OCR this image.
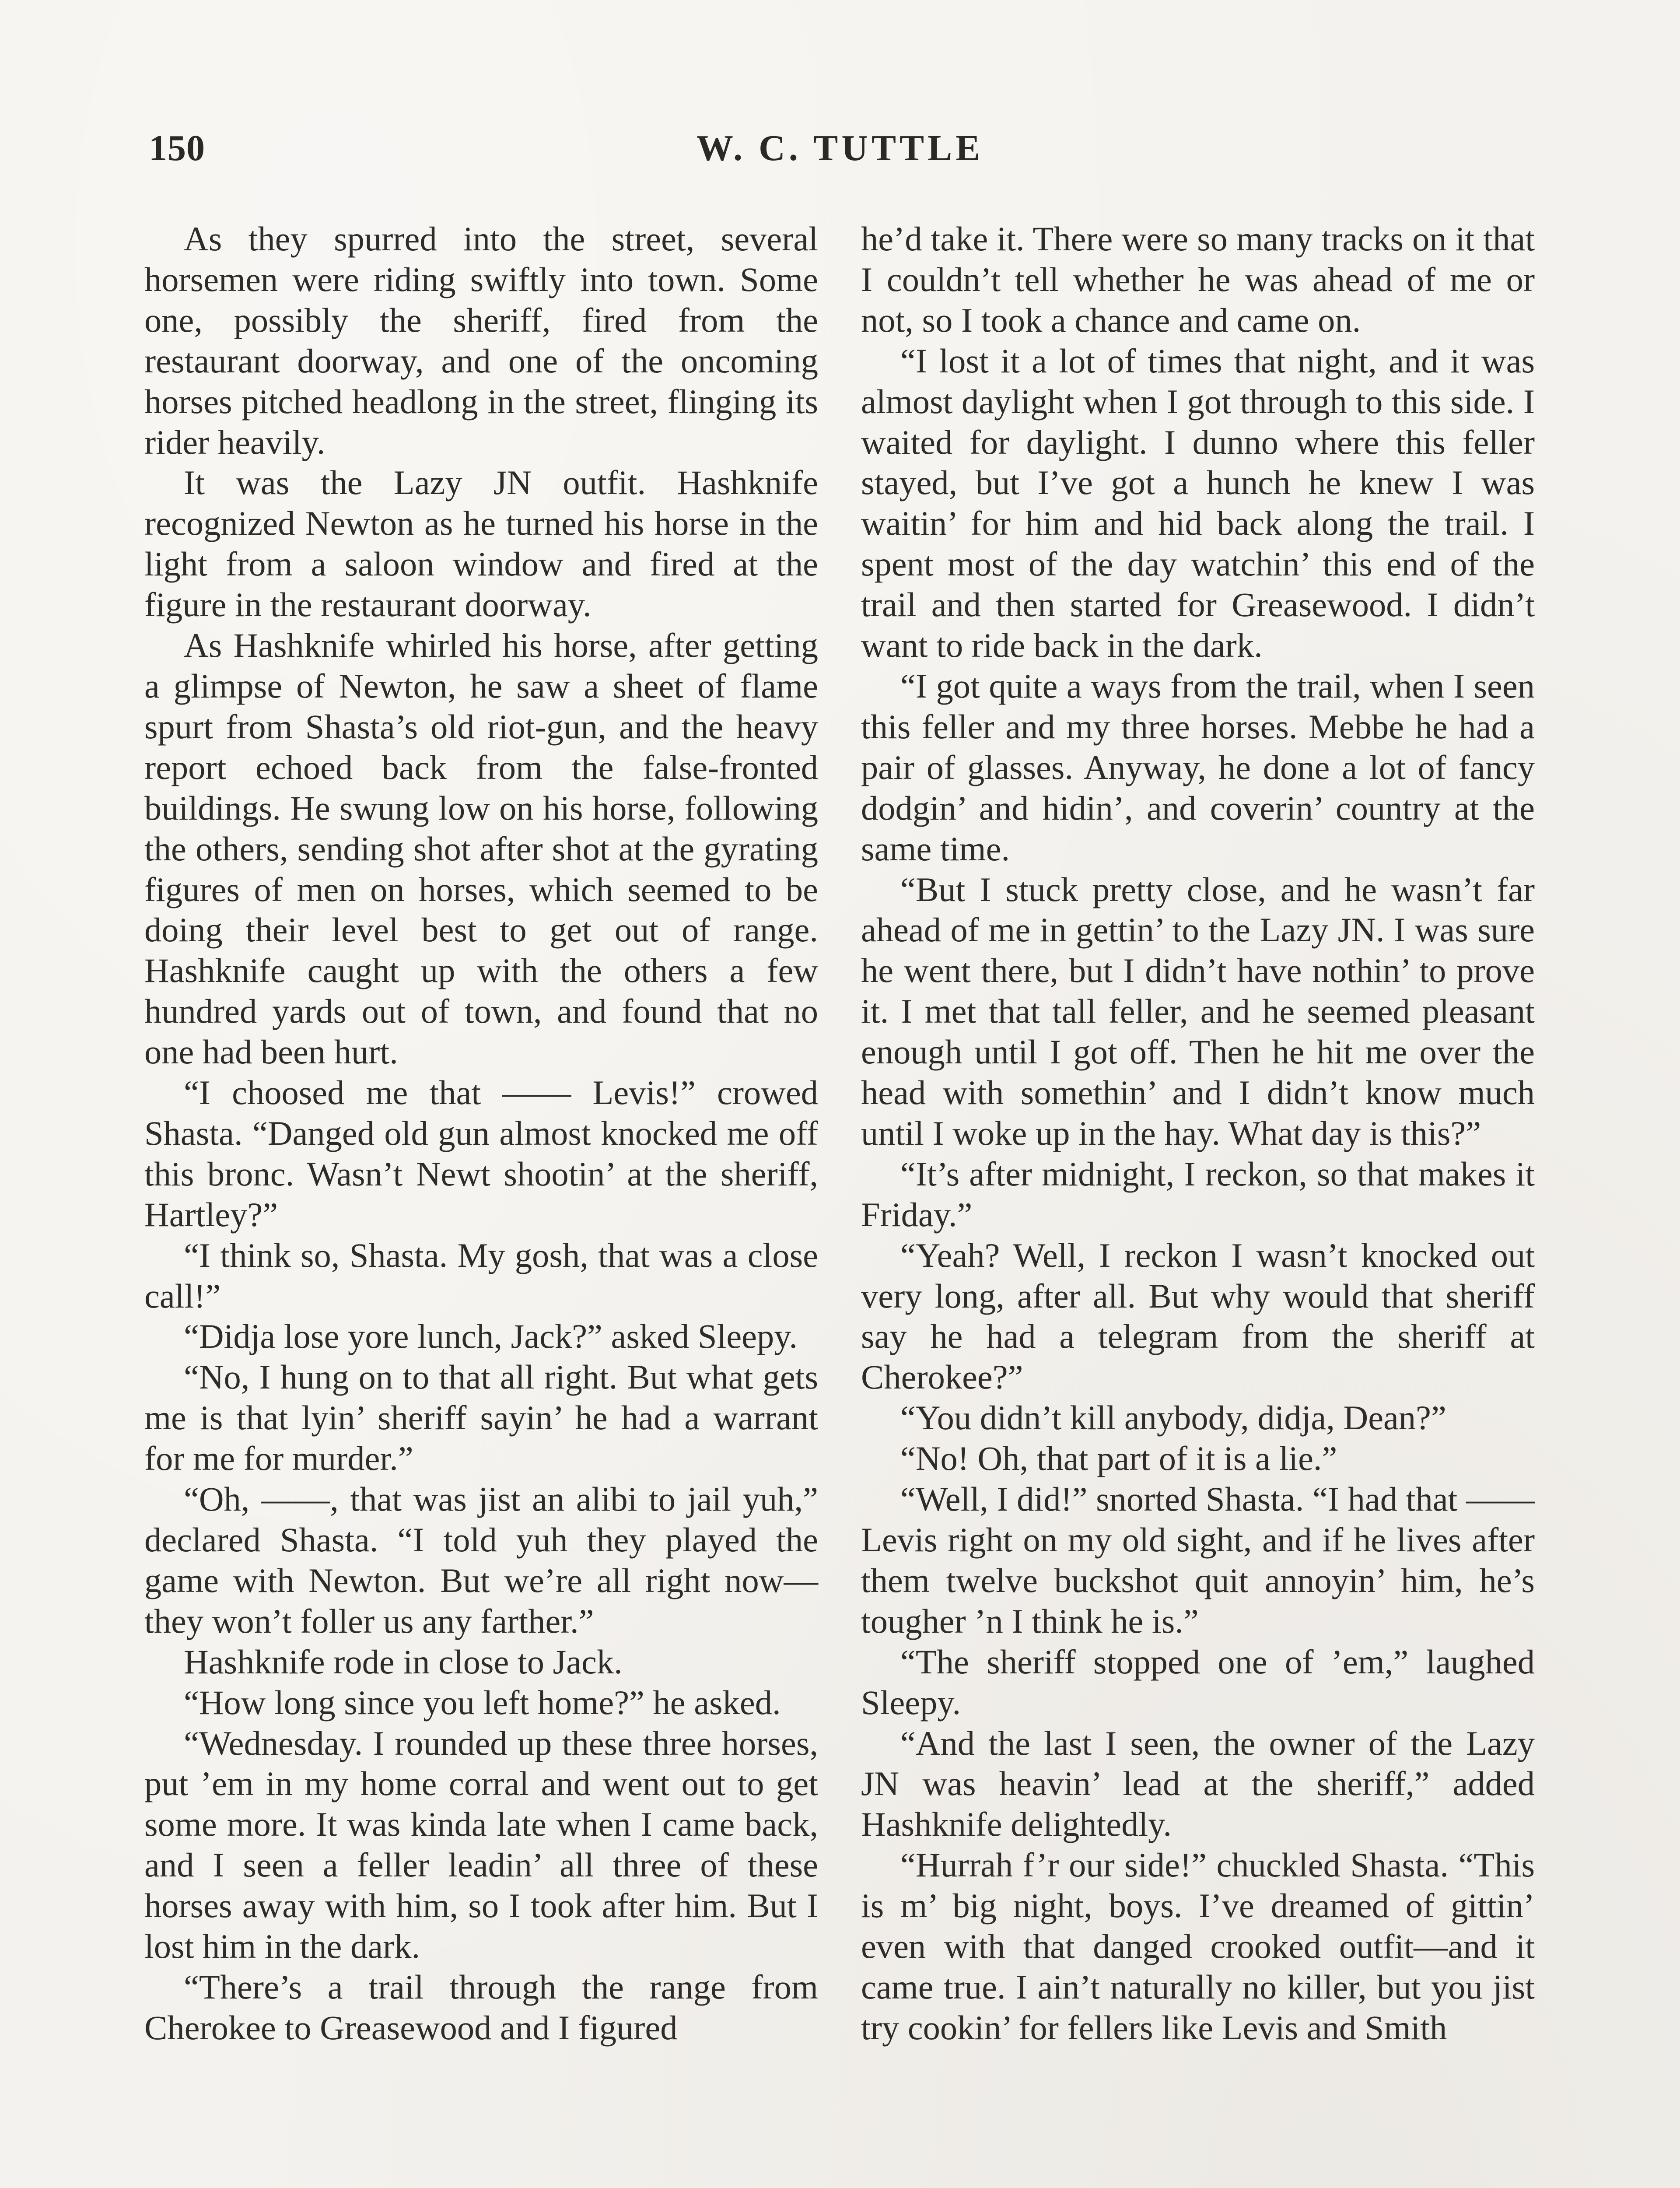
150	W. C. TUTTLE

As they spurred into the street, several horsemen were riding swiftly into town. Some one, possibly the sheriff, fired from the restaurant doorway, and one of the oncoming horses pitched headlong in the street, flinging its rider heavily.

It was the Lazy JN outfit. Hashknife recognized Newton as he turned his horse in the light from a saloon window and fired at the figure in the restaurant doorway.

As Hashknife whirled his horse, after getting a glimpse of Newton, he saw a sheet of flame spurt from Shasta’s old riot-gun, and the heavy report echoed back from the false-fronted buildings. He swung low on his horse, following the others, sending shot after shot at the gyrating figures of men on horses, which seemed to be doing their level best to get out of range. Hashknife caught up with the others a few hundred yards out of town, and found that no one had been hurt.

“I choosed me that —— Levis!” crowed Shasta. “Danged old gun almost knocked me off this bronc. Wasn’t Newt shootin’ at the sheriff, Hartley?”

“I think so, Shasta. My gosh, that was a close call!”

“Didja lose yore lunch, Jack?” asked Sleepy.

“No, I hung on to that all right. But what gets me is that lyin’ sheriff sayin’ he had a warrant for me for murder.”

“Oh, ——, that was jist an alibi to jail yuh,” declared Shasta. “I told yuh they played the game with Newton. But we’re all right now—they won’t foller us any farther.”

Hashknife rode in close to Jack.

“How long since you left home?” he asked.

“Wednesday. I rounded up these three horses, put ’em in my home corral and went out to get some more. It was kinda late when I came back, and I seen a feller leadin’ all three of these horses away with him, so I took after him. But I lost him in the dark.

“There’s a trail through the range from Cherokee to Greasewood and I figured

he’d take it. There were so many tracks on it that I couldn’t tell whether he was ahead of me or not, so I took a chance and came on.

“I lost it a lot of times that night, and it was almost daylight when I got through to this side. I waited for daylight. I dunno where this feller stayed, but I’ve got a hunch he knew I was waitin’ for him and hid back along the trail. I spent most of the day watchin’ this end of the trail and then started for Greasewood. I didn’t want to ride back in the dark.

“I got quite a ways from the trail, when I seen this feller and my three horses. Mebbe he had a pair of glasses. Anyway, he done a lot of fancy dodgin’ and hidin’, and coverin’ country at the same time.

“But I stuck pretty close, and he wasn’t far ahead of me in gettin’ to the Lazy JN. I was sure he went there, but I didn’t have nothin’ to prove it. I met that tall feller, and he seemed pleasant enough until I got off. Then he hit me over the head with somethin’ and I didn’t know much until I woke up in the hay. What day is this?”

“It’s after midnight, I reckon, so that makes it Friday.”

“Yeah? Well, I reckon I wasn’t knocked out very long, after all. But why would that sheriff say he had a telegram from the sheriff at Cherokee?”

“You didn’t kill anybody, didja, Dean?”

“No! Oh, that part of it is a lie.”

“Well, I did!” snorted Shasta. “I had that —— Levis right on my old sight, and if he lives after them twelve buckshot quit annoyin’ him, he’s tougher ’n I think he is.”

“The sheriff stopped one of ’em,” laughed Sleepy.

“And the last I seen, the owner of the Lazy JN was heavin’ lead at the sheriff,” added Hashknife delightedly.

“Hurrah f’r our side!” chuckled Shasta. “This is m’ big night, boys. I’ve dreamed of gittin’ even with that danged crooked outfit—and it came true. I ain’t naturally no killer, but you jist try cookin’ for fellers like Levis and Smith
